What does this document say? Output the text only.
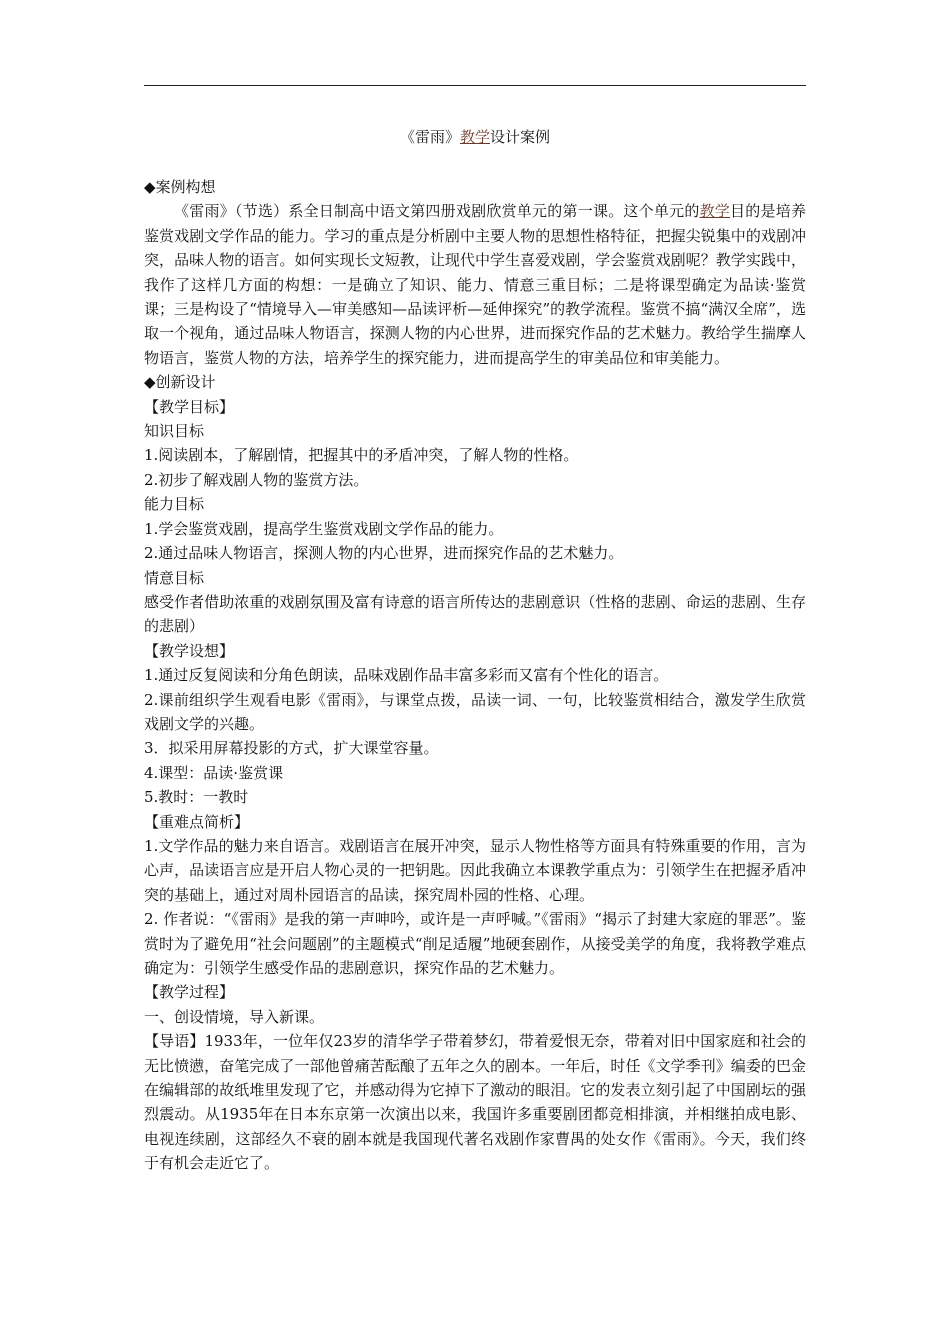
《雷雨》教学设计案例

◆案例构想

《雷雨》（节选）系全日制高中语文第四册戏剧欣赏单元的第一课。这个单元的教学目的是培养鉴赏戏剧文学作品的能力。学习的重点是分析剧中主要人物的思想性格特征，把握尖锐集中的戏剧冲突，品味人物的语言。如何实现长文短教，让现代中学生喜爱戏剧，学会鉴赏戏剧呢？教学实践中，我作了这样几方面的构想：一是确立了知识、能力、情意三重目标；二是将课型确定为品读·鉴赏课；三是构设了“情境导入—审美感知—品读评析—延伸探究”的教学流程。鉴赏不搞“满汉全席”，选取一个视角，通过品味人物语言，探测人物的内心世界，进而探究作品的艺术魅力。教给学生揣摩人物语言，鉴赏人物的方法，培养学生的探究能力，进而提高学生的审美品位和审美能力。

◆创新设计

【教学目标】

知识目标

1.阅读剧本，了解剧情，把握其中的矛盾冲突，了解人物的性格。

2.初步了解戏剧人物的鉴赏方法。

能力目标

1.学会鉴赏戏剧，提高学生鉴赏戏剧文学作品的能力。

2.通过品味人物语言，探测人物的内心世界，进而探究作品的艺术魅力。

情意目标

感受作者借助浓重的戏剧氛围及富有诗意的语言所传达的悲剧意识（性格的悲剧、命运的悲剧、生存的悲剧）

【教学设想】

1.通过反复阅读和分角色朗读，品味戏剧作品丰富多彩而又富有个性化的语言。

2.课前组织学生观看电影《雷雨》，与课堂点拨，品读一词、一句，比较鉴赏相结合，激发学生欣赏戏剧文学的兴趣。

3．拟采用屏幕投影的方式，扩大课堂容量。

4.课型：品读·鉴赏课

5.教时：一教时

【重难点简析】

1.文学作品的魅力来自语言。戏剧语言在展开冲突，显示人物性格等方面具有特殊重要的作用，言为心声，品读语言应是开启人物心灵的一把钥匙。因此我确立本课教学重点为：引领学生在把握矛盾冲突的基础上，通过对周朴园语言的品读，探究周朴园的性格、心理。

2. 作者说：“《雷雨》是我的第一声呻吟，或许是一声呼喊。”《雷雨》“揭示了封建大家庭的罪恶”。鉴赏时为了避免用“社会问题剧”的主题模式“削足适履”地硬套剧作，从接受美学的角度，我将教学难点确定为：引领学生感受作品的悲剧意识，探究作品的艺术魅力。

【教学过程】

一、创设情境，导入新课。

【导语】1933年，一位年仅23岁的清华学子带着梦幻，带着爱恨无奈，带着对旧中国家庭和社会的无比愤懑，奋笔完成了一部他曾痛苦酝酿了五年之久的剧本。一年后，时任《文学季刊》编委的巴金在编辑部的故纸堆里发现了它，并感动得为它掉下了激动的眼泪。它的发表立刻引起了中国剧坛的强烈震动。从1935年在日本东京第一次演出以来，我国许多重要剧团都竞相排演，并相继拍成电影、电视连续剧，这部经久不衰的剧本就是我国现代著名戏剧作家曹禺的处女作《雷雨》。今天，我们终于有机会走近它了。
